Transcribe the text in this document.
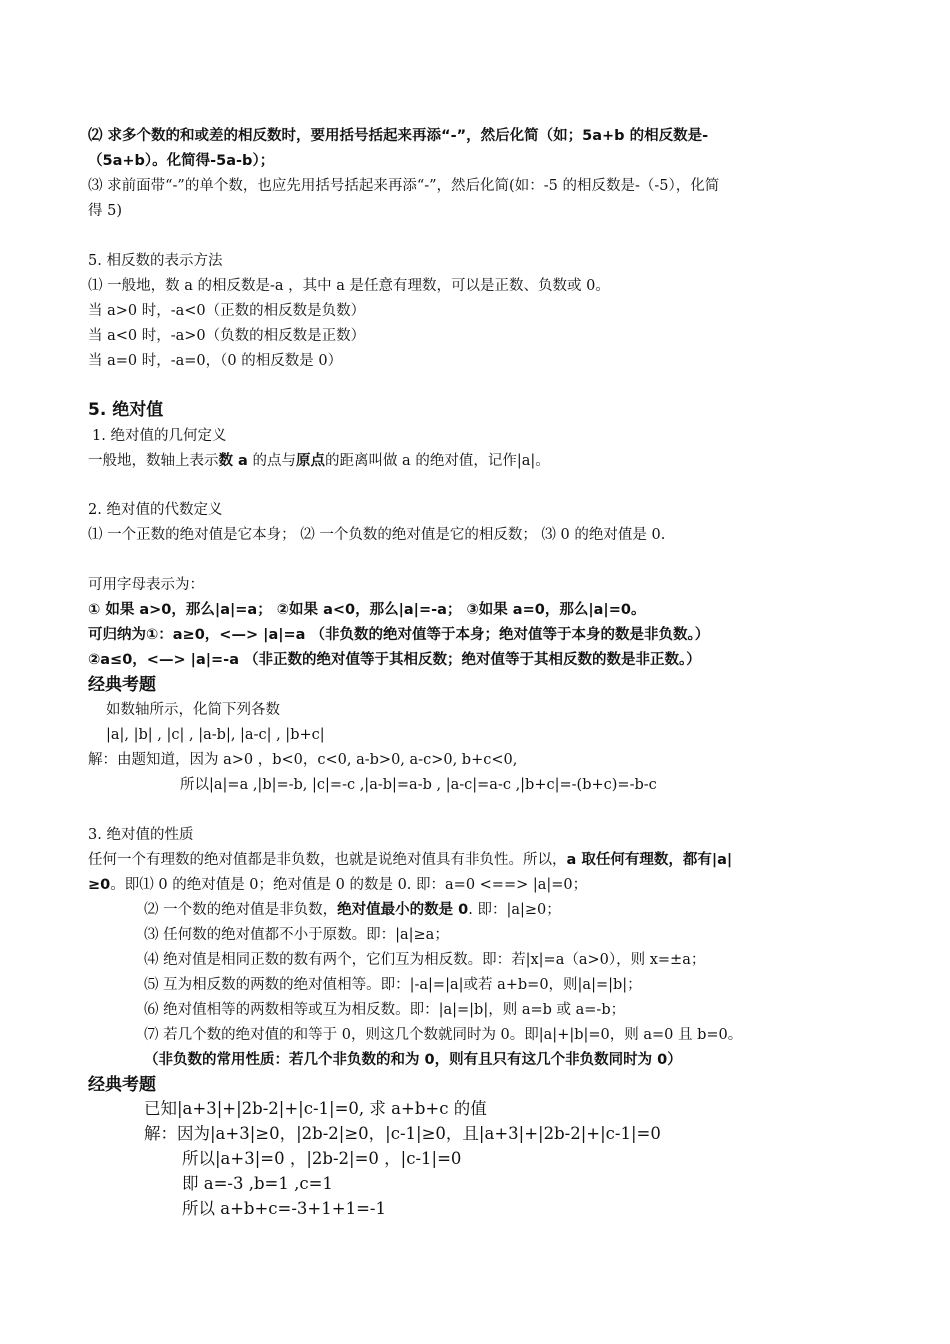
⑵ 求多个数的和或差的相反数时，要用括号括起来再添“-”，然后化简（如；5a+b 的相反数是-
（5a+b）。化简得-5a-b）；
⑶ 求前面带“-”的单个数，也应先用括号括起来再添“-”，然后化简(如：-5 的相反数是-（-5），化简
得 5)
5. 相反数的表示方法
⑴ 一般地，数 a 的相反数是-a ，其中 a 是任意有理数，可以是正数、负数或 0。
当 a>0 时，-a<0（正数的相反数是负数）
当 a<0 时，-a>0（负数的相反数是正数）
当 a=0 时，-a=0，（0 的相反数是 0）
5. 绝对值
1. 绝对值的几何定义
一般地，数轴上表示数 a 的点与原点的距离叫做 a 的绝对值，记作|a|。
2. 绝对值的代数定义
⑴ 一个正数的绝对值是它本身； ⑵ 一个负数的绝对值是它的相反数； ⑶ 0 的绝对值是 0.
可用字母表示为：
① 如果 a>0，那么|a|=a； ②如果 a<0，那么|a|=-a； ③如果 a=0，那么|a|=0。
可归纳为①：a≥0，<—> |a|=a （非负数的绝对值等于本身；绝对值等于本身的数是非负数。）
②a≤0，<—> |a|=-a （非正数的绝对值等于其相反数；绝对值等于其相反数的数是非正数。）
经典考题
如数轴所示，化简下列各数
|a|, |b| , |c| , |a-b|, |a-c| , |b+c|
解：由题知道，因为 a>0 ，b<0，c<0, a-b>0, a-c>0, b+c<0,
所以|a|=a ,|b|=-b, |c|=-c ,|a-b|=a-b , |a-c|=a-c ,|b+c|=-(b+c)=-b-c
3. 绝对值的性质
任何一个有理数的绝对值都是非负数，也就是说绝对值具有非负性。所以，a 取任何有理数，都有|a|
≥0。即⑴ 0 的绝对值是 0；绝对值是 0 的数是 0. 即：a=0 <==> |a|=0；
⑵ 一个数的绝对值是非负数，绝对值最小的数是 0. 即：|a|≥0；
⑶ 任何数的绝对值都不小于原数。即：|a|≥a；
⑷ 绝对值是相同正数的数有两个，它们互为相反数。即：若|x|=a（a>0），则 x=±a；
⑸ 互为相反数的两数的绝对值相等。即：|-a|=|a|或若 a+b=0，则|a|=|b|；
⑹ 绝对值相等的两数相等或互为相反数。即：|a|=|b|，则 a=b 或 a=-b；
⑺ 若几个数的绝对值的和等于 0，则这几个数就同时为 0。即|a|+|b|=0，则 a=0 且 b=0。
（非负数的常用性质：若几个非负数的和为 0，则有且只有这几个非负数同时为 0）
经典考题
已知|a+3|+|2b-2|+|c-1|=0, 求 a+b+c 的值
解：因为|a+3|≥0，|2b-2|≥0，|c-1|≥0，且|a+3|+|2b-2|+|c-1|=0
所以|a+3|=0 ，|2b-2|=0 ，|c-1|=0
即 a=-3 ,b=1 ,c=1
所以 a+b+c=-3+1+1=-1
